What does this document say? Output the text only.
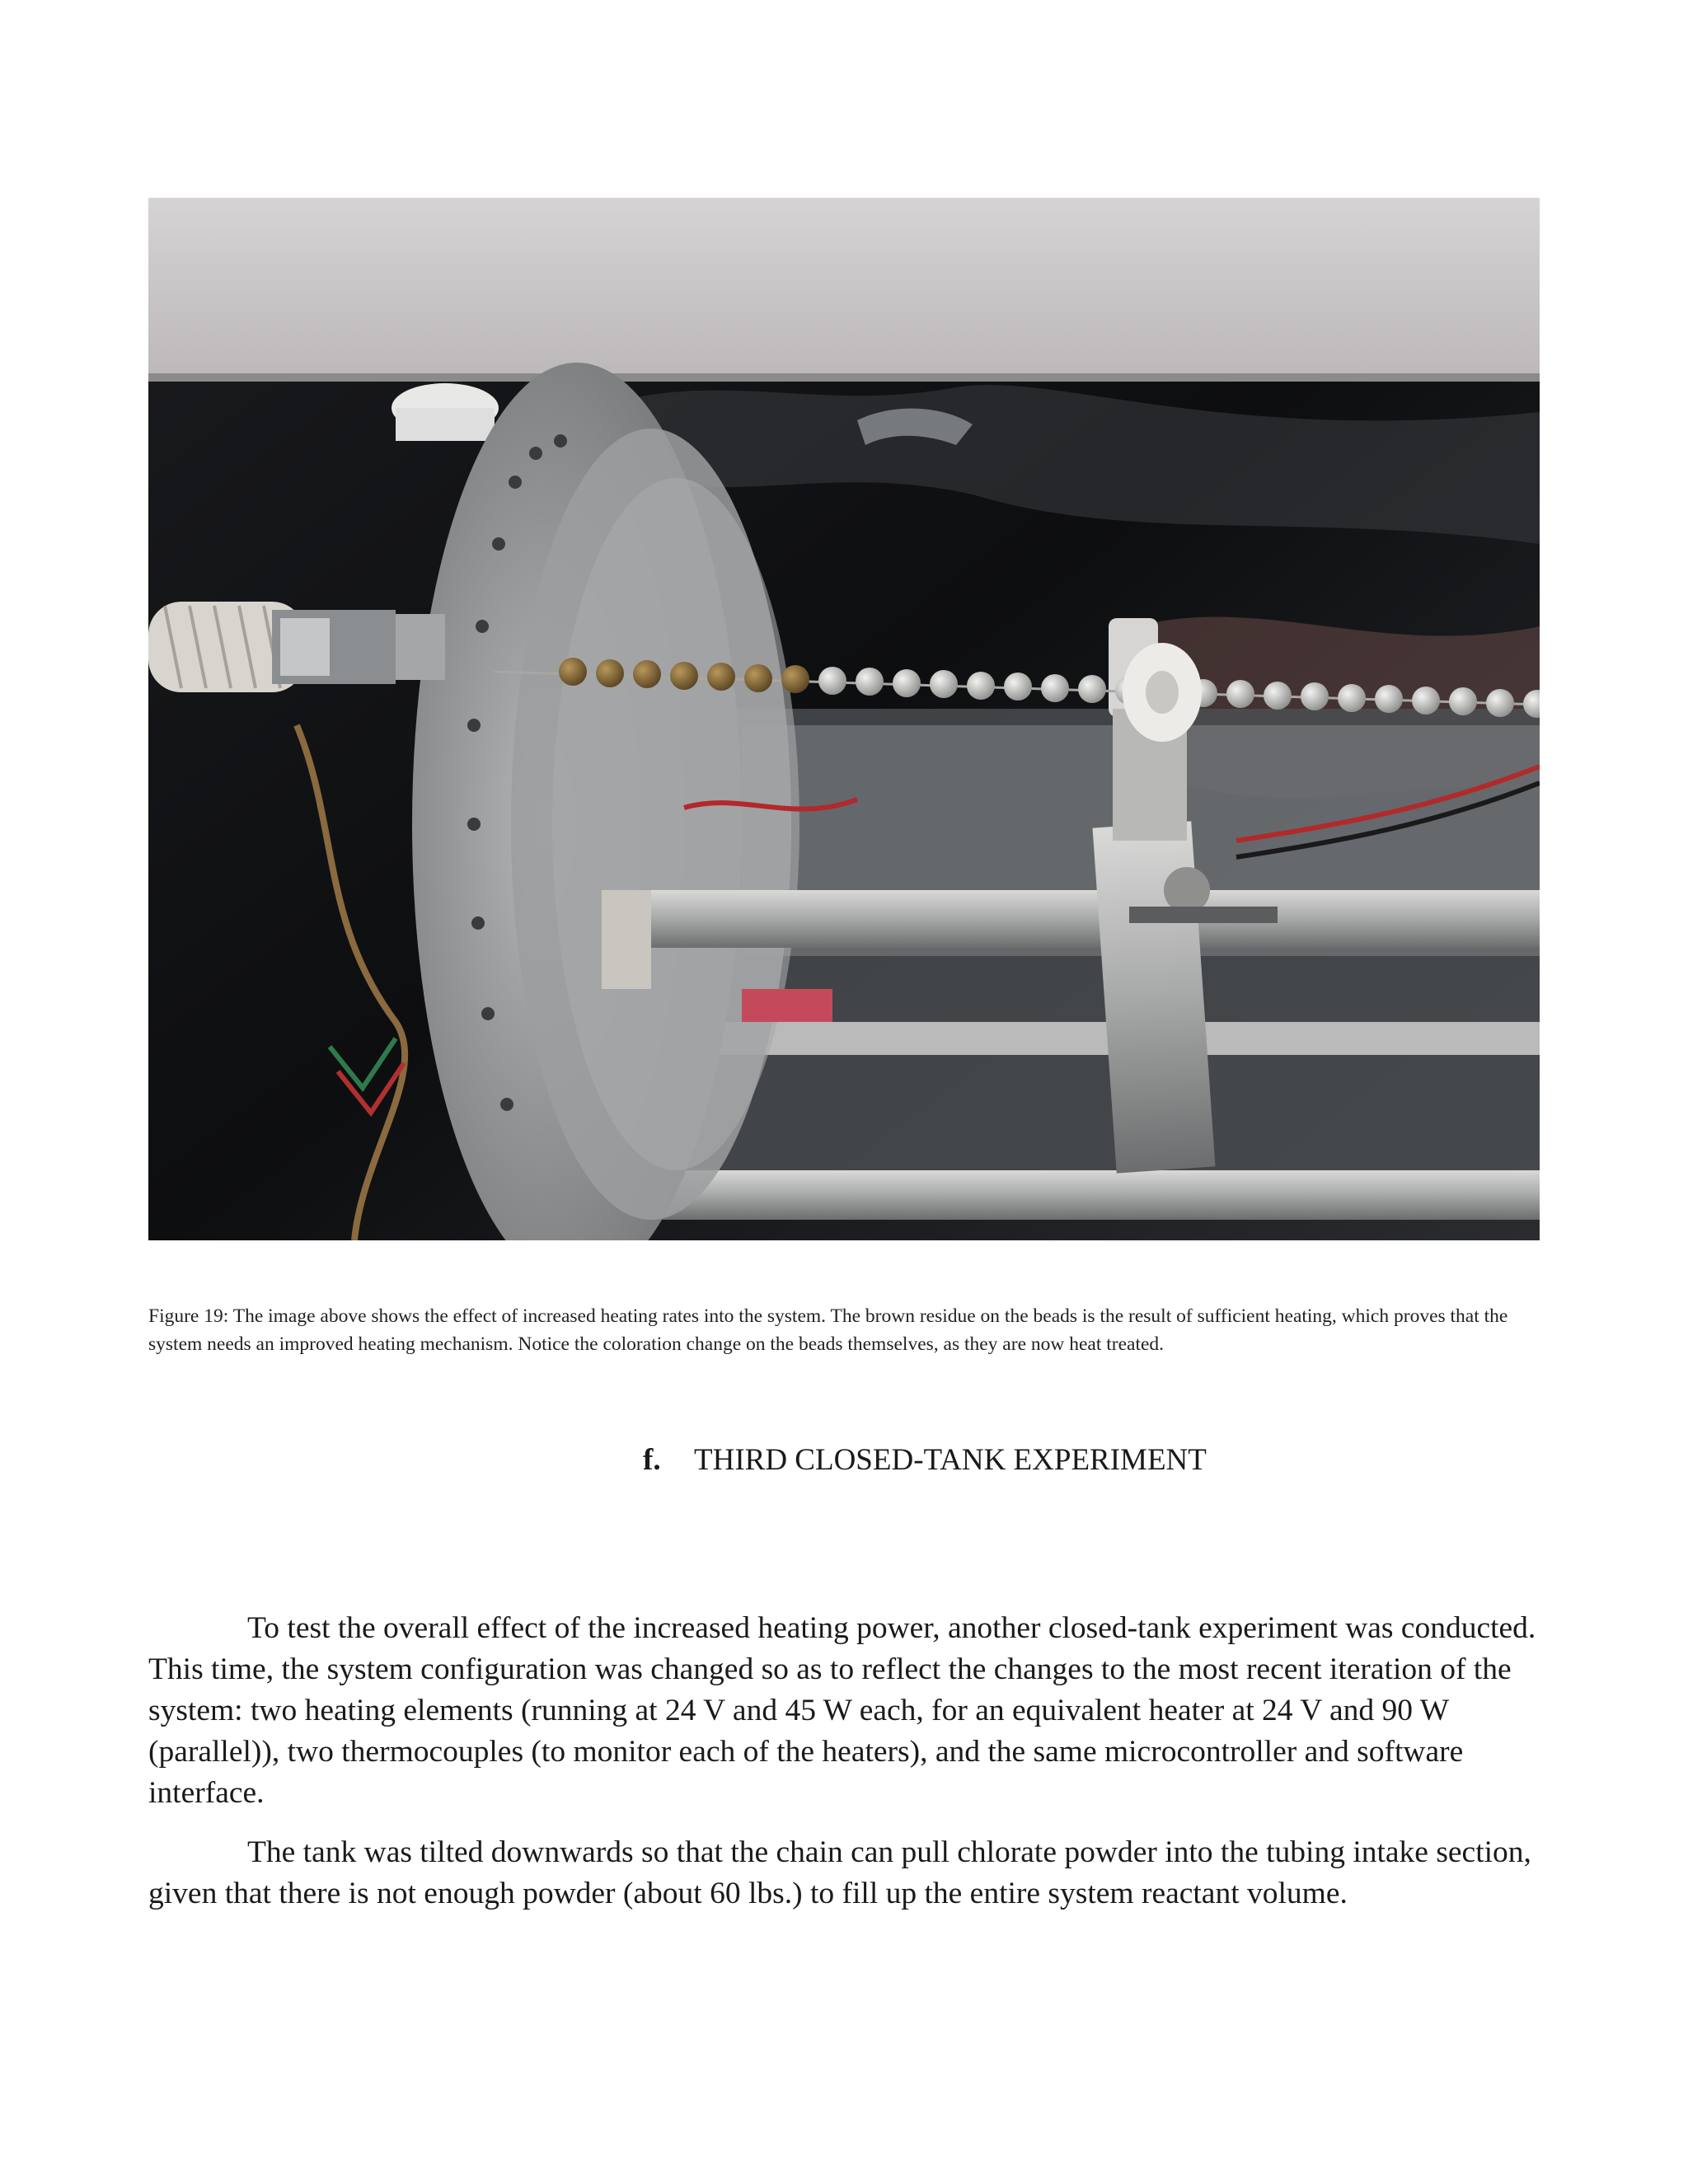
Figure 19: The image above shows the effect of increased heating rates into the system. The brown residue on the beads is the result of sufficient heating, which proves that the system needs an improved heating mechanism. Notice the coloration change on the beads themselves, as they are now heat treated.
f. THIRD CLOSED-TANK EXPERIMENT

To test the overall effect of the increased heating power, another closed-tank experiment was conducted. This time, the system configuration was changed so as to reflect the changes to the most recent iteration of the system: two heating elements (running at 24 V and 45 W each, for an equivalent heater at 24 V and 90 W (parallel)), two thermocouples (to monitor each of the heaters), and the same microcontroller and software interface.

The tank was tilted downwards so that the chain can pull chlorate powder into the tubing intake section, given that there is not enough powder (about 60 lbs.) to fill up the entire system reactant volume.
